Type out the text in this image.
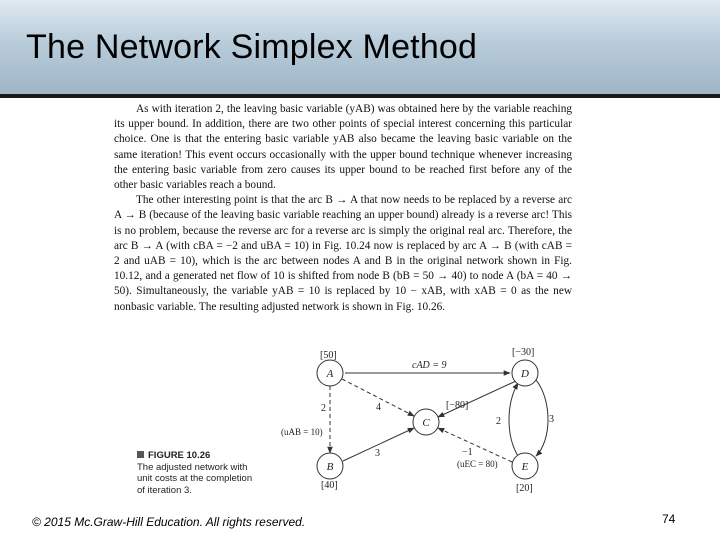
The Network Simplex Method

As with iteration 2, the leaving basic variable (yAB) was obtained here by the variable reaching its upper bound. In addition, there are two other points of special interest concerning this particular choice. One is that the entering basic variable yAB also became the leaving basic variable on the same iteration! This event occurs occasionally with the upper bound technique whenever increasing the entering basic variable from zero causes its upper bound to be reached first before any of the other basic variables reach a bound.

The other interesting point is that the arc B → A that now needs to be replaced by a reverse arc A → B (because of the leaving basic variable reaching an upper bound) already is a reverse arc! This is no problem, because the reverse arc for a reverse arc is simply the original real arc. Therefore, the arc B → A (with cBA = −2 and uBA = 10) in Fig. 10.24 now is replaced by arc A → B (with cAB = 2 and uAB = 10), which is the arc between nodes A and B in the original network shown in Fig. 10.12, and a generated net flow of 10 is shifted from node B (bB = 50 → 40) to node A (bA = 40 → 50). Simultaneously, the variable yAB = 10 is replaced by 10 − xAB, with xAB = 0 as the new nonbasic variable. The resulting adjusted network is shown in Fig. 10.26.

A
B
C
D
E
[50]
[40]
[−80]
[−30]
[20]
cAD = 9
2
(uAB = 10)
4
3
2	3
−1
(uEC = 80)
FIGURE 10.26
The adjusted network with
unit costs at the completion
of iteration 3.
© 2015 Mc.Graw-Hill Education. All rights reserved.	74
